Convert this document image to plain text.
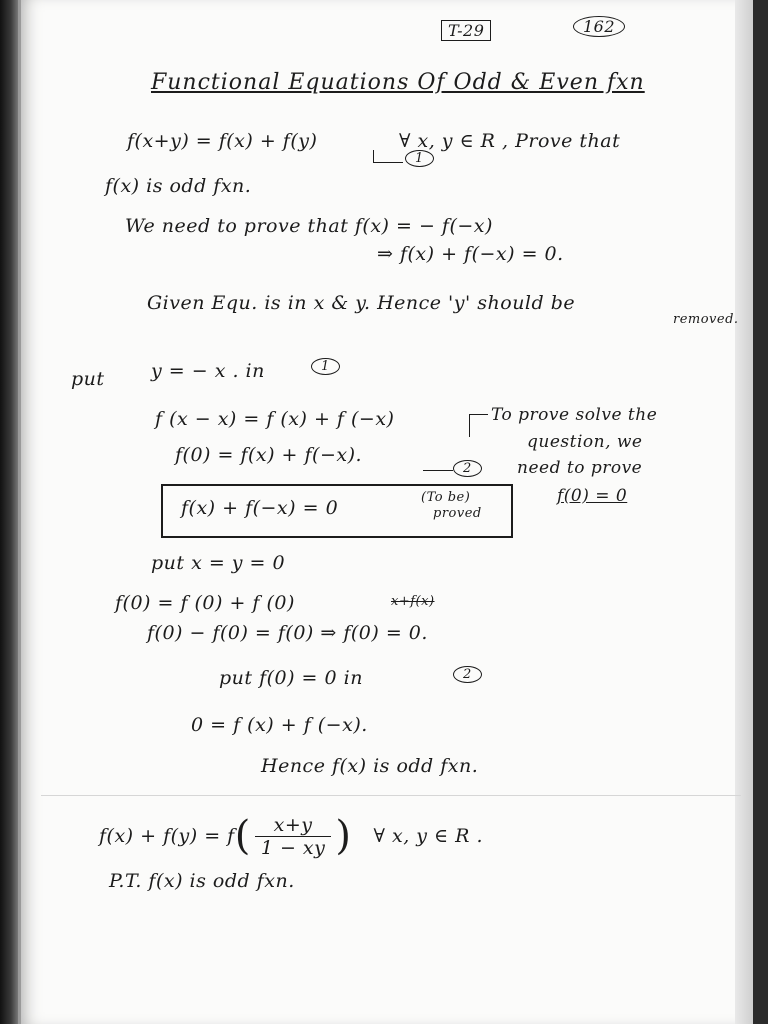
T-29	162
Functional Equations Of Odd & Even fxn
f(x+y) = f(x) + f(y)	∀ x, y ∈ R , Prove that
1
f(x) is odd fxn.
We need to prove that f(x) = − f(−x)
⇒ f(x) + f(−x) = 0.
Given Equ. is in x & y. Hence 'y' should be
removed.
put y = − x . in	1
f (x − x) = f (x) + f (−x)
f(0) = f(x) + f(−x).
2
To prove solve the
question, we
need to prove
f(0) = 0
f(x) + f(−x) = 0	(To be)
proved
put x = y = 0
f(0) = f (0) + f (0)	x+f(x)
f(0) − f(0) = f(0) ⇒ f(0) = 0.
put f(0) = 0 in	2
0 = f (x) + f (−x).
Hence f(x) is odd fxn.
f(x) + f(y) = f ( $\frac{x+y}{1 - xy}$ ) ∀ x, y ∈ R .
P.T. f(x) is odd fxn.
